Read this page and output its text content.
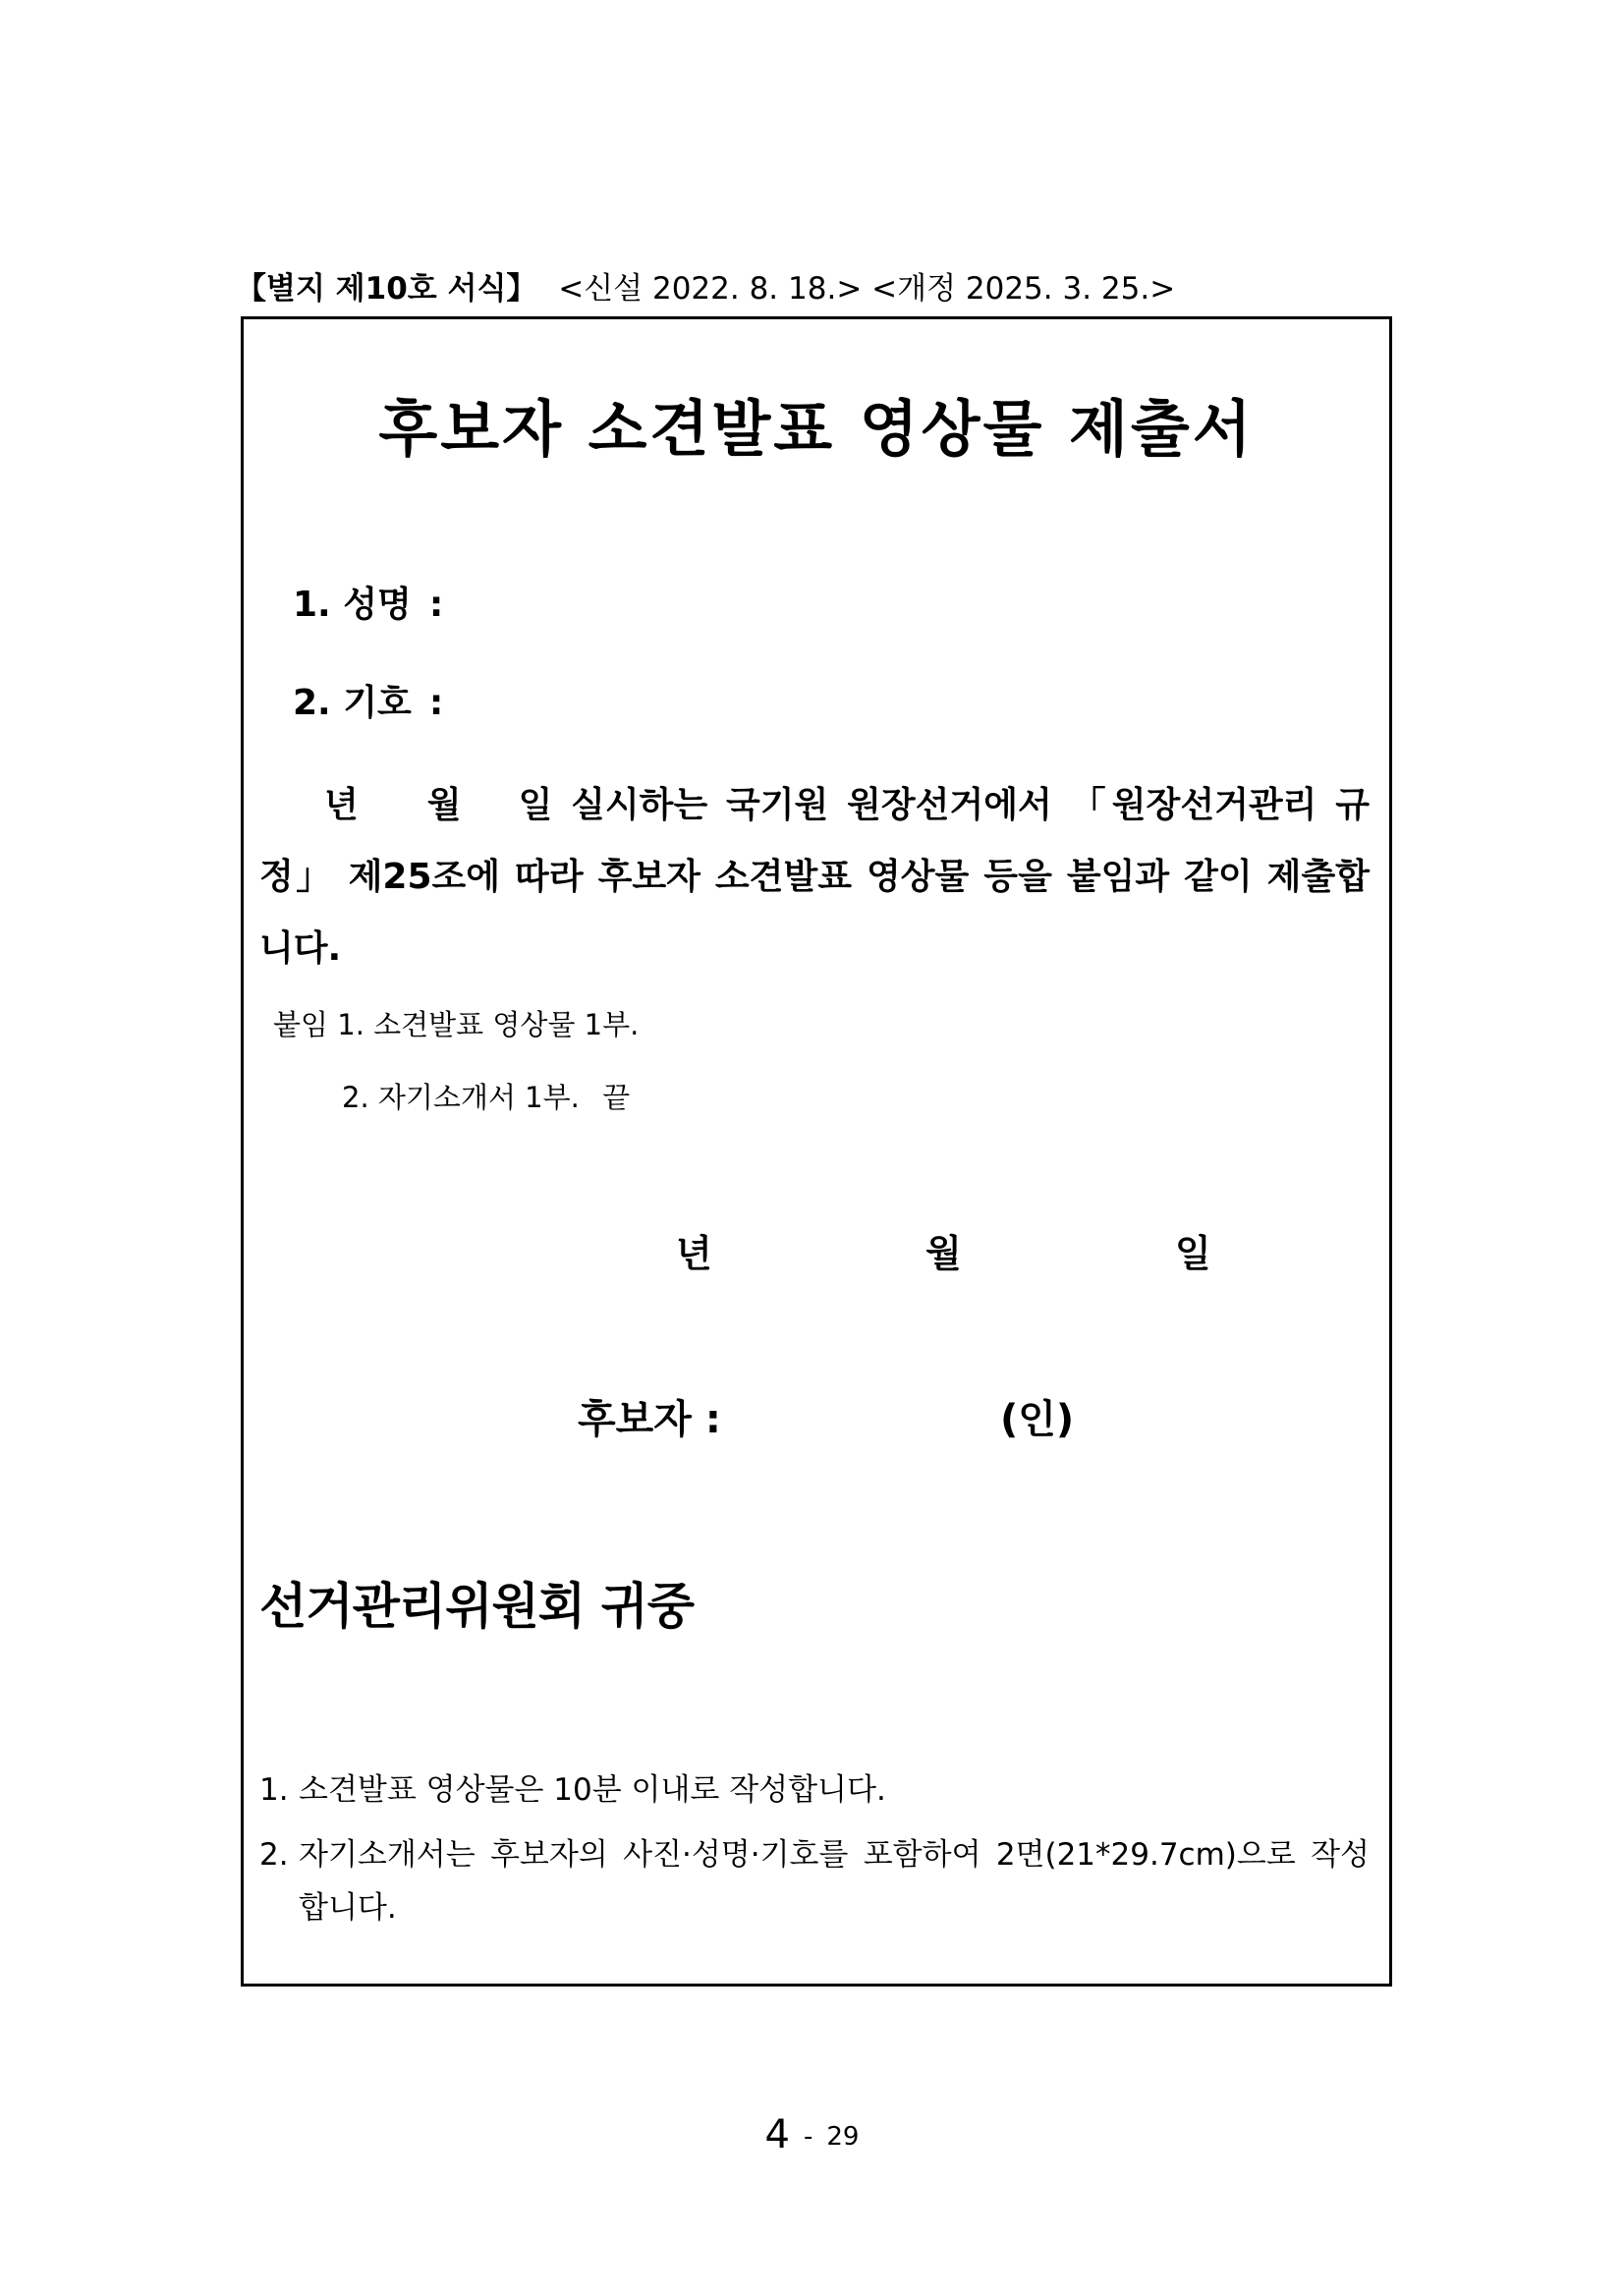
【별지 제10호 서식】 <신설 2022. 8. 18.> <개정 2025. 3. 25.>
후보자 소견발표 영상물 제출서
1. 성명 :
2. 기호 :
년 월 일 실시하는 국기원 원장선거에서 「원장선거관리 규정」 제25조에 따라 후보자 소견발표 영상물 등을 붙임과 같이 제출합니다.
붙임 1. 소견발표 영상물 1부.
2. 자기소개서 1부. 끝
년	월	일
후보자 :	(인)
선거관리위원회 귀중
1. 소견발표 영상물은 10분 이내로 작성합니다.
2. 자기소개서는 후보자의 사진·성명·기호를 포함하여 2면(21*29.7cm)으로 작성합니다.
4 - 29
